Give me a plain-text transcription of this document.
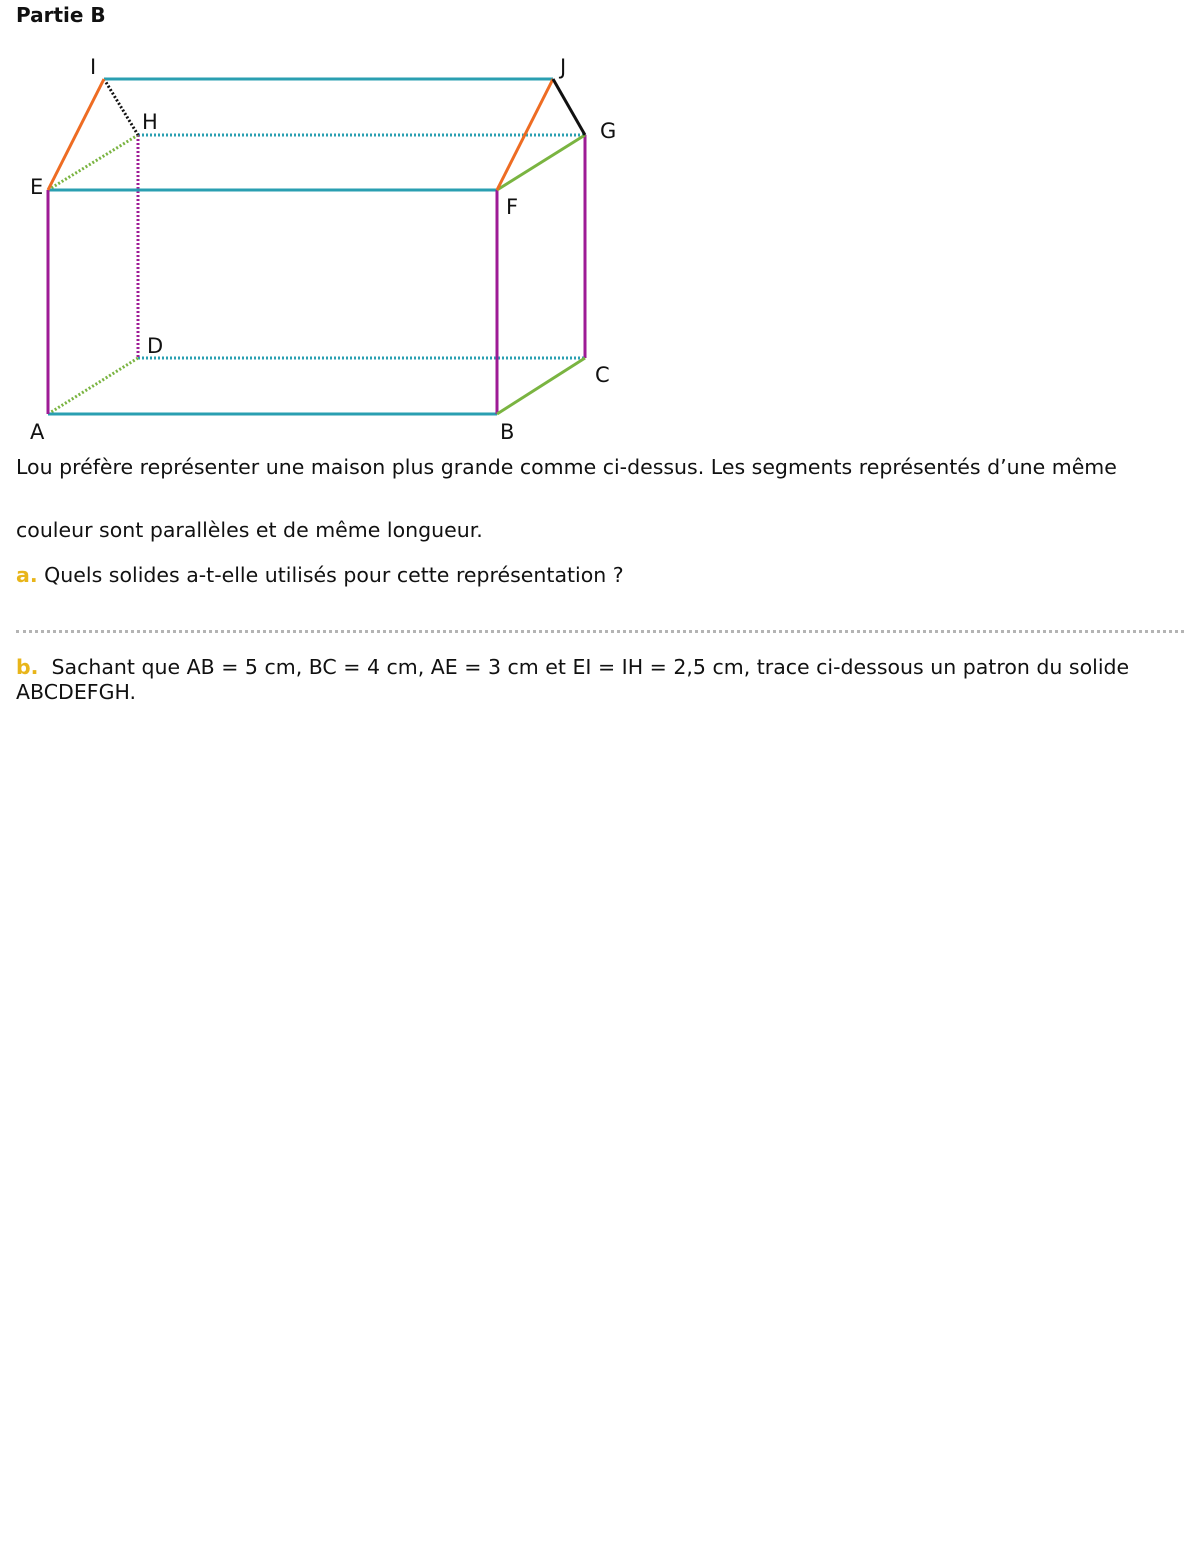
Partie B
I	J
H	G
E
F
D
C
A	B

Lou préfère représenter une maison plus grande comme ci-dessus. Les segments représentés d’une même

couleur sont parallèles et de même longueur.

a. Quels solides a-t-elle utilisés pour cette représentation ?

b. Sachant que AB = 5 cm, BC = 4 cm, AE = 3 cm et EI = IH = 2,5 cm, trace ci-dessous un patron du solide ABCDEFGH.
